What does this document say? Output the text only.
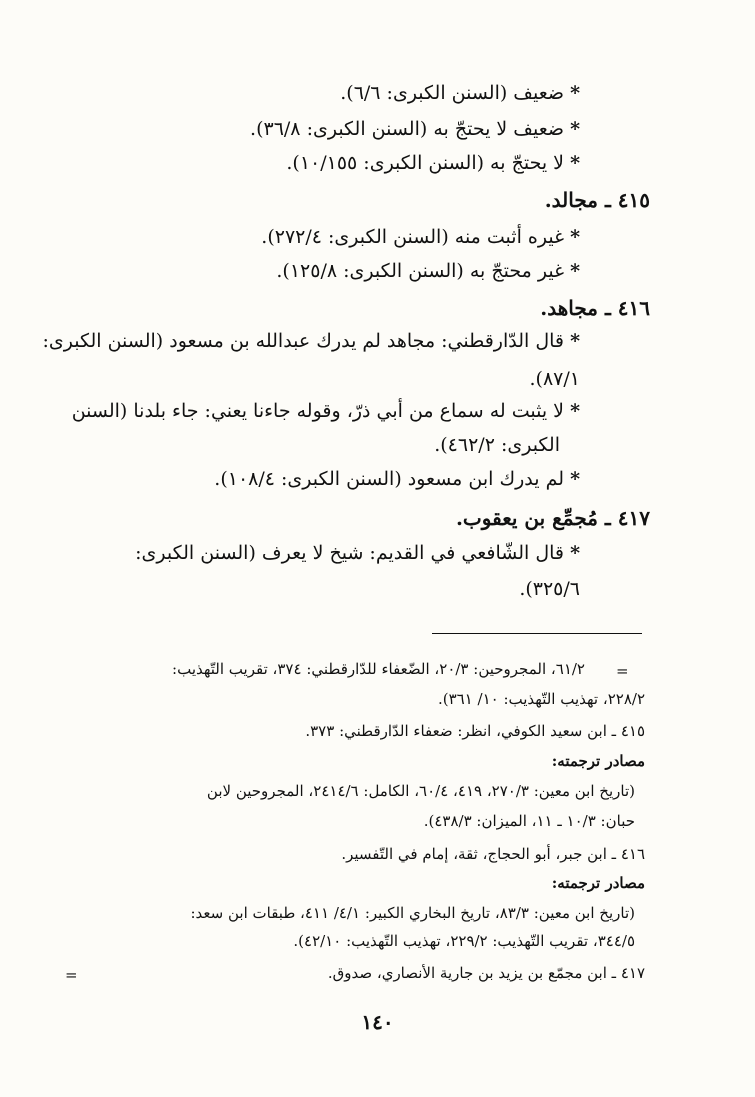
* ضعيف (السنن الكبرى: ٦/٦).
* ضعيف لا يحتجّ به (السنن الكبرى: ٣٦/٨).
* لا يحتجّ به (السنن الكبرى: ١٠/١٥٥).
٤١٥ ـ مجالد.
* غيره أثبت منه (السنن الكبرى: ٢٧٢/٤).
* غير محتجّ به (السنن الكبرى: ١٢٥/٨).
٤١٦ ـ مجاهد.
* قال الدّارقطني: مجاهد لم يدرك عبدالله بن مسعود (السنن الكبرى:
٨٧/١).
* لا يثبت له سماع من أبي ذرّ، وقوله جاءنا يعني: جاء بلدنا (السنن
الكبرى: ٤٦٢/٢).
* لم يدرك ابن مسعود (السنن الكبرى: ١٠٨/٤).
٤١٧ ـ مُجمِّع بن يعقوب.
* قال الشّافعي في القديم: شيخ لا يعرف (السنن الكبرى:
٣٢٥/٦).
=
٦١/٢، المجروحين: ٢٠/٣، الضّعفاء للدّارقطني: ٣٧٤، تقريب التّهذيب:
٢٢٨/٢، تهذيب التّهذيب: ١٠/ ٣٦١).
٤١٥ ـ ابن سعيد الكوفي، انظر: ضعفاء الدّارقطني: ٣٧٣.
مصادر ترجمته:
(تاريخ ابن معين: ٢٧٠/٣، ٤١٩، ٦٠/٤، الكامل: ٢٤١٤/٦، المجروحين لابن
حبان: ١٠/٣ ـ ١١، الميزان: ٤٣٨/٣).
٤١٦ ـ ابن جبر، أبو الحجاج، ثقة، إمام في التّفسير.
مصادر ترجمته:
(تاريخ ابن معين: ٨٣/٣، تاريخ البخاري الكبير: ٤/١/ ٤١١، طبقات ابن سعد:
٣٤٤/٥، تقريب التّهذيب: ٢٢٩/٢، تهذيب التّهذيب: ٤٢/١٠).
٤١٧ ـ ابن مجمّع بن يزيد بن جارية الأنصاري، صدوق.
=
١٤٠
